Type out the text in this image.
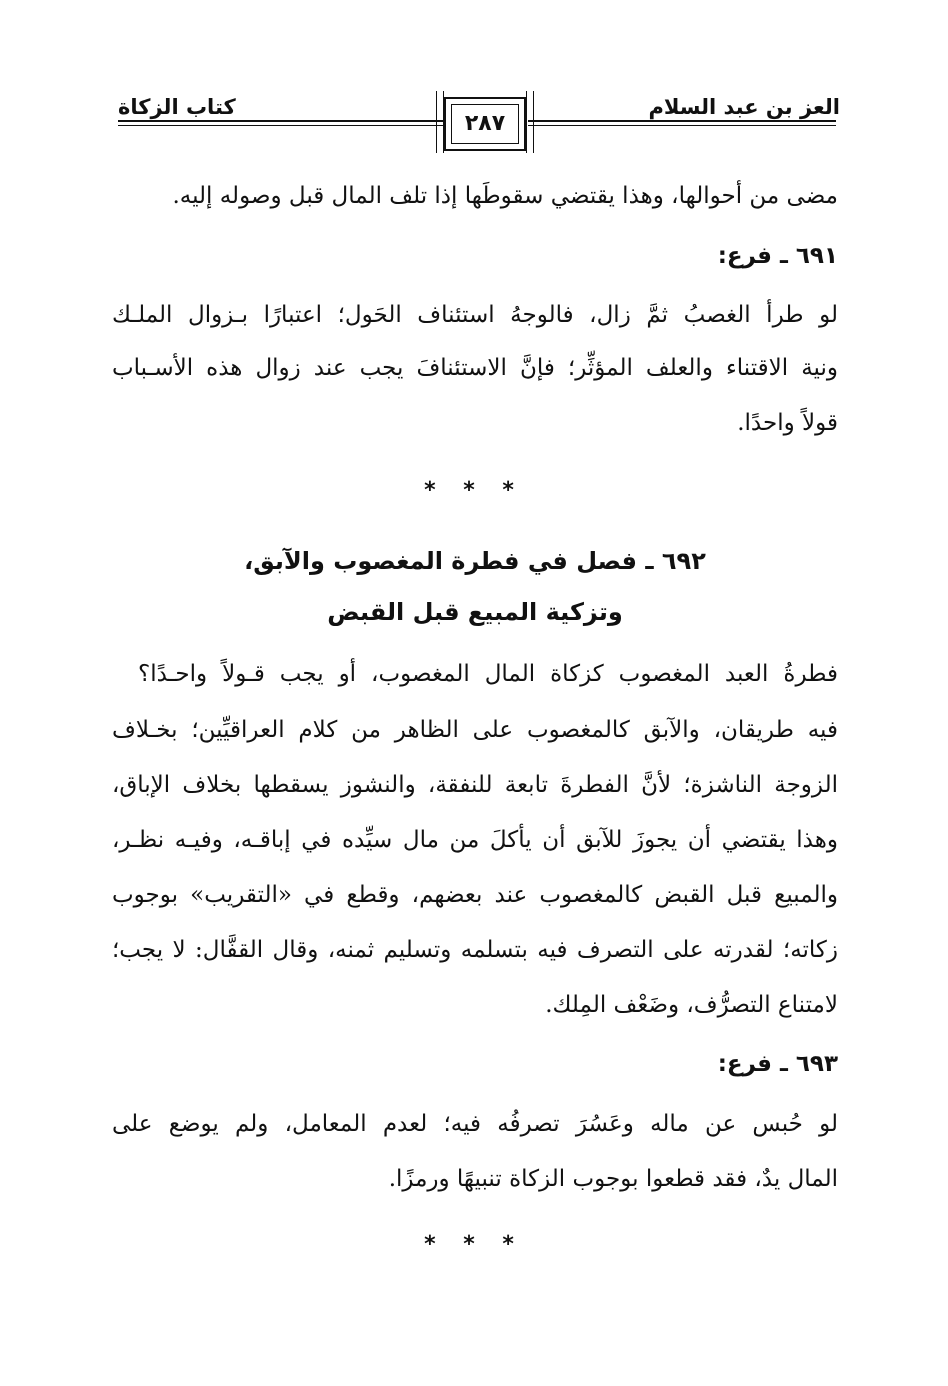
العز بن عبد السلام
كتاب الزكاة
٢٨٧
مضى من أحوالها، وهذا يقتضي سقوطَها إذا تلف المال قبل وصوله إليه.
٦٩١ ـ فرع:
لو طرأ الغصبُ ثمَّ زال، فالوجهُ استئناف الحَول؛ اعتبارًا بـزوال الملـك
ونية الاقتناء والعلف المؤثِّر؛ فإنَّ الاستئنافَ يجب عند زوال هذه الأسـباب
قولاً واحدًا.
* * *
٦٩٢ ـ فصل في فطرة المغصوب والآبق،
وتزكية المبيع قبل القبض
فطرةُ العبد المغصوب كزكاة المال المغصوب، أو يجب قـولاً واحـدًا؟
فيه طريقان، والآبق كالمغصوب على الظاهر من كلام العراقيِّين؛ بخـلاف
الزوجة الناشزة؛ لأنَّ الفطرةَ تابعة للنفقة، والنشوز يسقطها بخلاف الإباق،
وهذا يقتضي أن يجوزَ للآبق أن يأكلَ من مال سيِّده في إباقـه، وفيـه نظـر،
والمبيع قبل القبض كالمغصوب عند بعضهم، وقطع في «التقريب» بوجوب
زكاته؛ لقدرته على التصرف فيه بتسلمه وتسليم ثمنه، وقال القفَّال: لا يجب؛
لامتناع التصرُّف، وضَعْف المِلك.
٦٩٣ ـ فرع:
لو حُبس عن ماله وعَسُرَ تصرفُه فيه؛ لعدم المعامل، ولم يوضع على
المال يدٌ، فقد قطعوا بوجوب الزكاة تنبيهًا ورمزًا.
* * *
